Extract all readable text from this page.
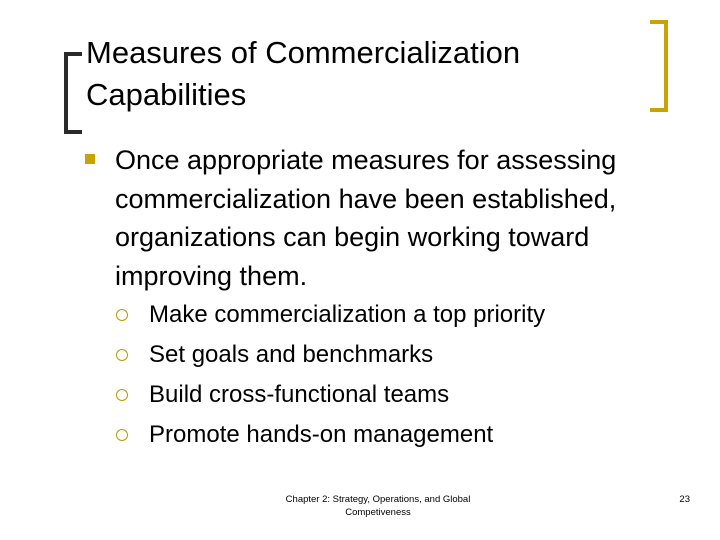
Measures of Commercialization
Capabilities
Once appropriate measures for assessing commercialization have been established, organizations can begin working toward improving them.
Make commercialization a top priority
Set goals and benchmarks
Build cross-functional teams
Promote hands-on management
Chapter 2: Strategy, Operations, and Global Competiveness
23
